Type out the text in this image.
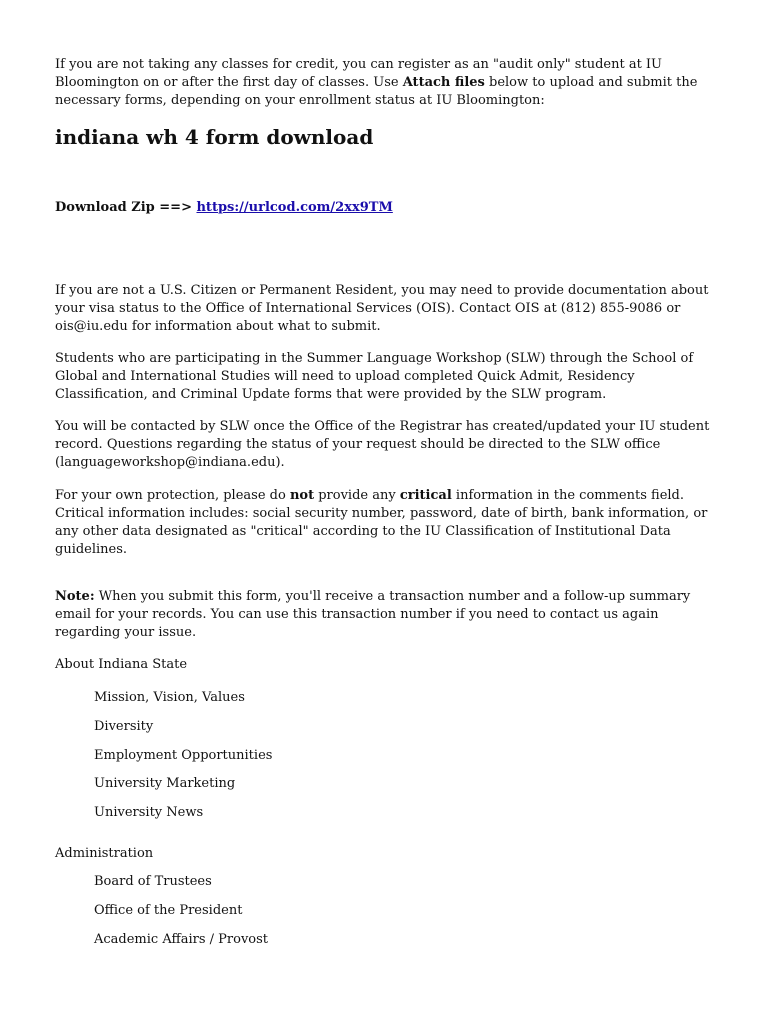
If you are not taking any classes for credit, you can register as an "audit only" student at IU Bloomington on or after the first day of classes. Use Attach files below to upload and submit the necessary forms, depending on your enrollment status at IU Bloomington:

indiana wh 4 form download

Download Zip ==> https://urlcod.com/2xx9TM

If you are not a U.S. Citizen or Permanent Resident, you may need to provide documentation about your visa status to the Office of International Services (OIS). Contact OIS at (812) 855-9086 or ois@iu.edu for information about what to submit.

Students who are participating in the Summer Language Workshop (SLW) through the School of Global and International Studies will need to upload completed Quick Admit, Residency Classification, and Criminal Update forms that were provided by the SLW program.

You will be contacted by SLW once the Office of the Registrar has created/updated your IU student record. Questions regarding the status of your request should be directed to the SLW office (languageworkshop@indiana.edu).

For your own protection, please do not provide any critical information in the comments field. Critical information includes: social security number, password, date of birth, bank information, or any other data designated as "critical" according to the IU Classification of Institutional Data guidelines.

Note: When you submit this form, you'll receive a transaction number and a follow-up summary email for your records. You can use this transaction number if you need to contact us again regarding your issue.

About Indiana State

Mission, Vision, Values

Diversity

Employment Opportunities

University Marketing

University News

Administration

Board of Trustees

Office of the President

Academic Affairs / Provost
